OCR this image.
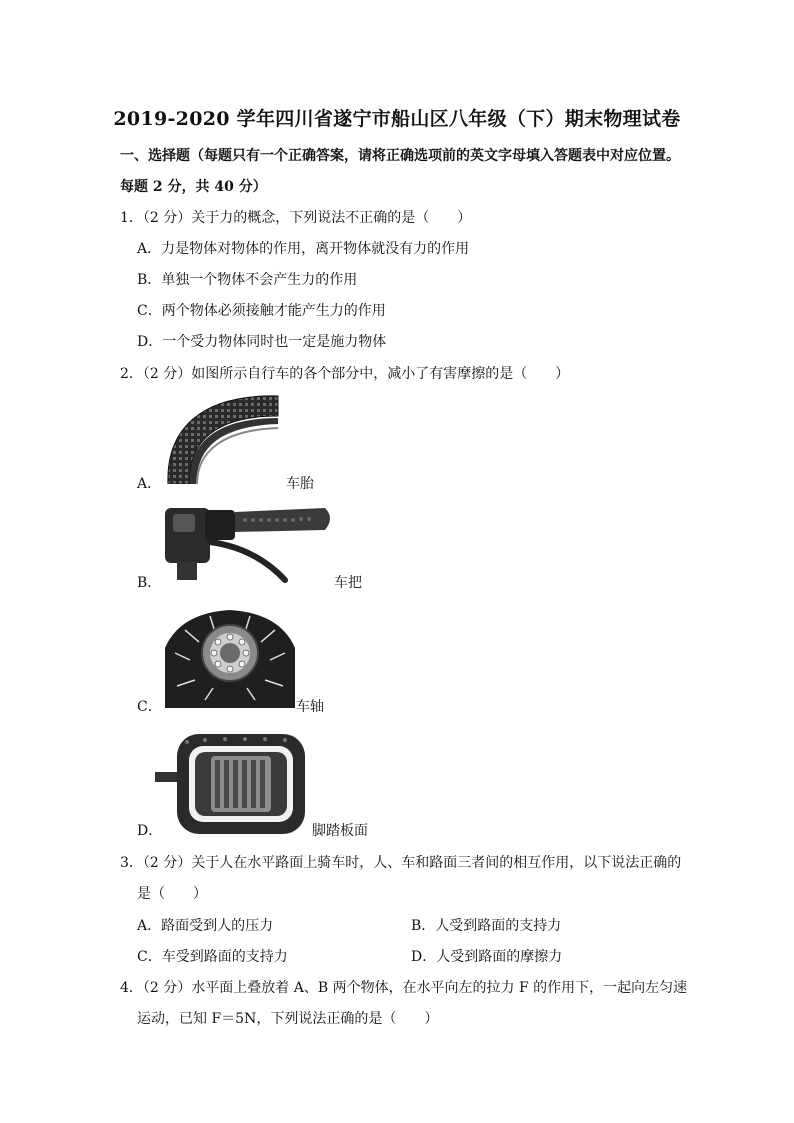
2019-2020 学年四川省遂宁市船山区八年级（下）期末物理试卷
一、选择题（每题只有一个正确答案，请将正确选项前的英文字母填入答题表中对应位置。
每题 2 分，共 40 分）
1．（2 分）关于力的概念，下列说法不正确的是（　　）
A．力是物体对物体的作用，离开物体就没有力的作用
B．单独一个物体不会产生力的作用
C．两个物体必须接触才能产生力的作用
D．一个受力物体同时也一定是施力物体
2．（2 分）如图所示自行车的各个部分中，减小了有害摩擦的是（　　）
A．	车胎
B．	车把
C．	车轴
D．	脚踏板面
3．（2 分）关于人在水平路面上骑车时，人、车和路面三者间的相互作用，以下说法正确的
是（　　）
A．路面受到人的压力	B．人受到路面的支持力
C．车受到路面的支持力	D．人受到路面的摩擦力
4．（2 分）水平面上叠放着 A、B 两个物体，在水平向左的拉力 F 的作用下，一起向左匀速
运动，已知 F＝5N，下列说法正确的是（　　）
